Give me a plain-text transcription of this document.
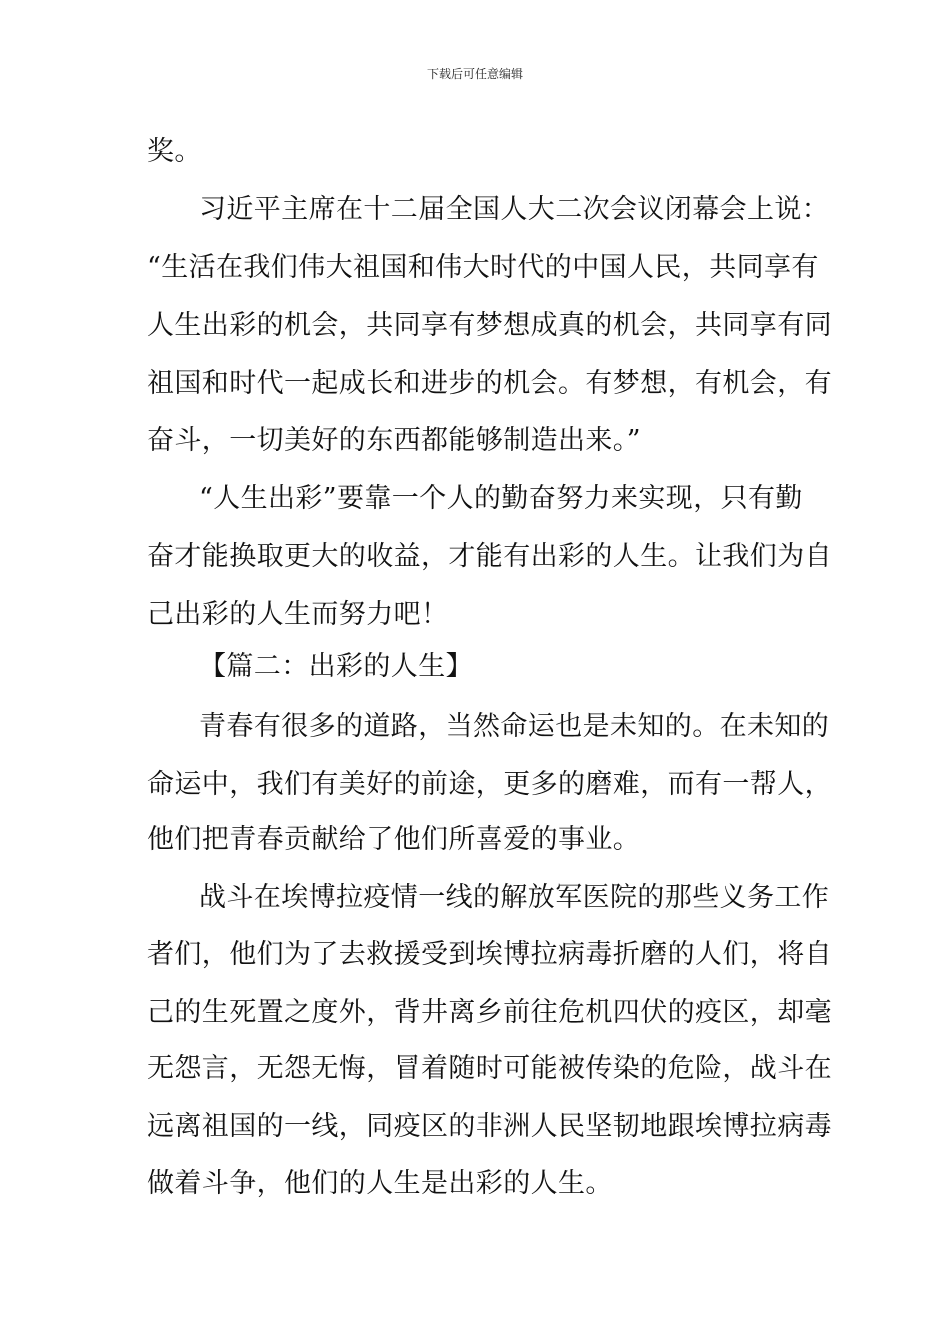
下载后可任意编辑
奖。
习近平主席在十二届全国人大二次会议闭幕会上说：
“生活在我们伟大祖国和伟大时代的中国人民，共同享有
人生出彩的机会，共同享有梦想成真的机会，共同享有同
祖国和时代一起成长和进步的机会。有梦想，有机会，有
奋斗，一切美好的东西都能够制造出来。”
“人生出彩”要靠一个人的勤奋努力来实现，只有勤
奋才能换取更大的收益，才能有出彩的人生。让我们为自
己出彩的人生而努力吧！
【篇二：出彩的人生】
青春有很多的道路，当然命运也是未知的。在未知的
命运中，我们有美好的前途，更多的磨难，而有一帮人，
他们把青春贡献给了他们所喜爱的事业。
战斗在埃博拉疫情一线的解放军医院的那些义务工作
者们，他们为了去救援受到埃博拉病毒折磨的人们，将自
己的生死置之度外，背井离乡前往危机四伏的疫区，却毫
无怨言，无怨无悔，冒着随时可能被传染的危险，战斗在
远离祖国的一线，同疫区的非洲人民坚韧地跟埃博拉病毒
做着斗争，他们的人生是出彩的人生。
